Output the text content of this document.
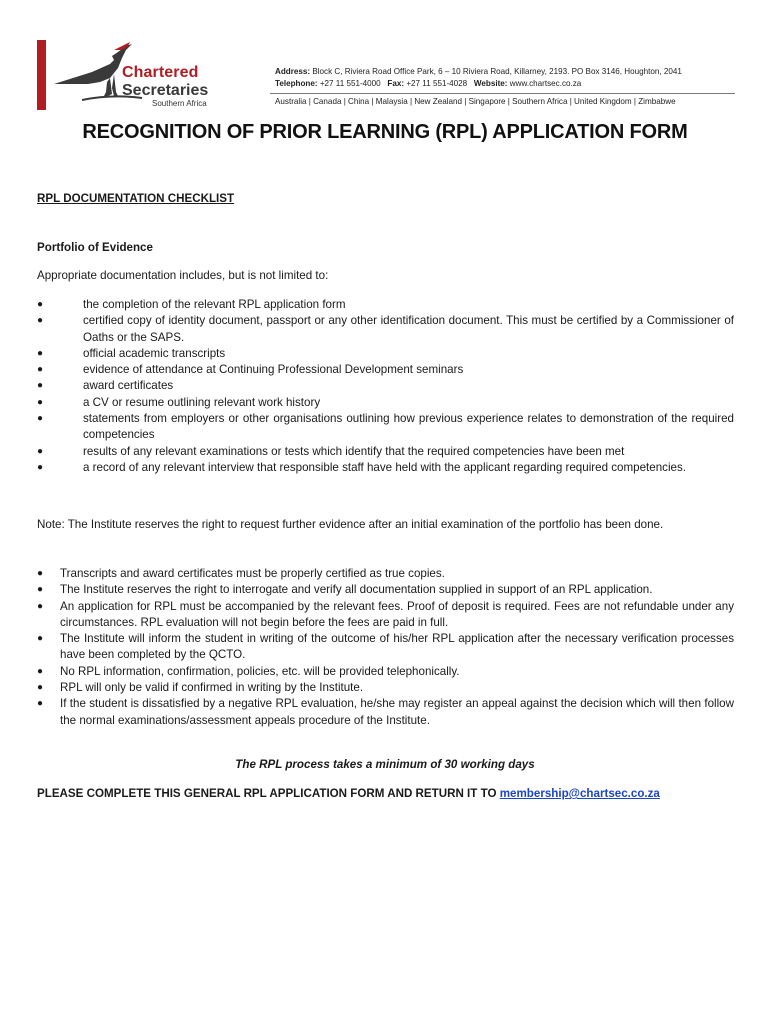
Chartered
Secretaries
Southern Africa
Address: Block C, Riviera Road Office Park, 6 – 10 Riviera Road, Killarney, 2193. PO Box 3146, Houghton, 2041
Telephone: +27 11 551-4000 Fax: +27 11 551-4028 Website: www.chartsec.co.za
Australia | Canada | China | Malaysia | New Zealand | Singapore | Southern Africa | United Kingdom | Zimbabwe
RECOGNITION OF PRIOR LEARNING (RPL) APPLICATION FORM
RPL DOCUMENTATION CHECKLIST
Portfolio of Evidence
Appropriate documentation includes, but is not limited to:
●	the completion of the relevant RPL application form
●	certified copy of identity document, passport or any other identification document. This must be certified by a Commissioner of Oaths or the SAPS.
●	official academic transcripts
●	evidence of attendance at Continuing Professional Development seminars
●	award certificates
●	a CV or resume outlining relevant work history
●	statements from employers or other organisations outlining how previous experience relates to demonstration of the required competencies
●	results of any relevant examinations or tests which identify that the required competencies have been met
●	a record of any relevant interview that responsible staff have held with the applicant regarding required competencies.
Note: The Institute reserves the right to request further evidence after an initial examination of the portfolio has been done.
● Transcripts and award certificates must be properly certified as true copies.
● The Institute reserves the right to interrogate and verify all documentation supplied in support of an RPL application.
● An application for RPL must be accompanied by the relevant fees. Proof of deposit is required. Fees are not refundable under any circumstances. RPL evaluation will not begin before the fees are paid in full.
● The Institute will inform the student in writing of the outcome of his/her RPL application after the necessary verification processes have been completed by the QCTO.
● No RPL information, confirmation, policies, etc. will be provided telephonically.
● RPL will only be valid if confirmed in writing by the Institute.
● If the student is dissatisfied by a negative RPL evaluation, he/she may register an appeal against the decision which will then follow the normal examinations/assessment appeals procedure of the Institute.
The RPL process takes a minimum of 30 working days
PLEASE COMPLETE THIS GENERAL RPL APPLICATION FORM AND RETURN IT TO membership@chartsec.co.za
